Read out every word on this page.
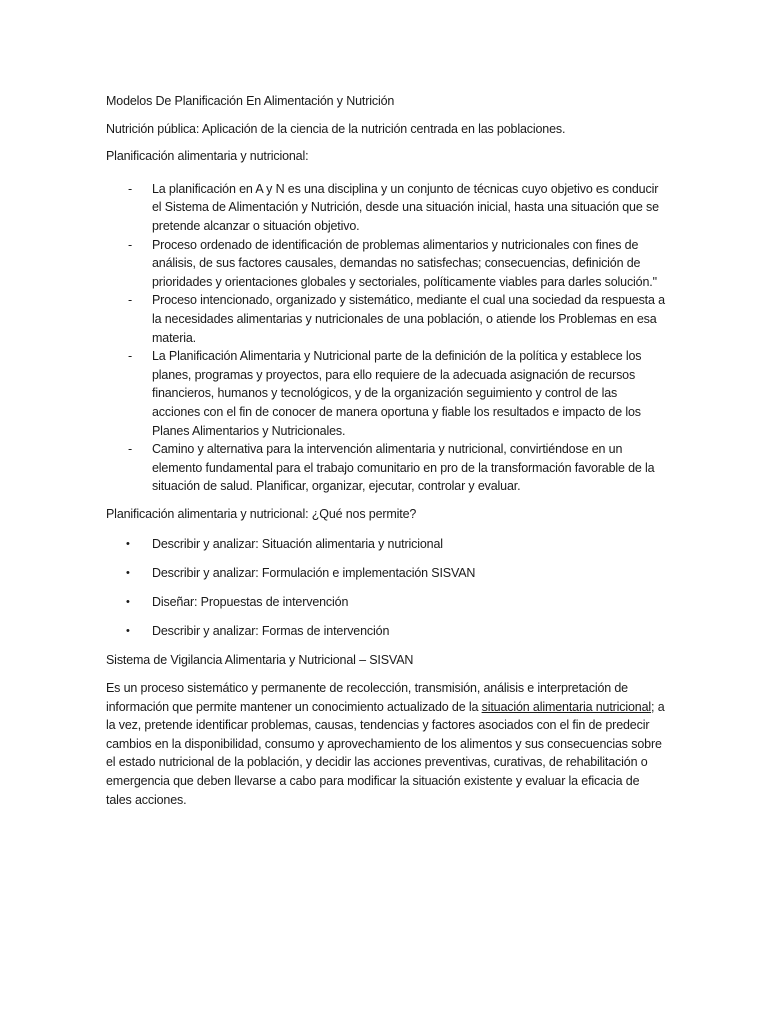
Modelos De Planificación En Alimentación y Nutrición

Nutrición pública: Aplicación de la ciencia de la nutrición centrada en las poblaciones.

Planificación alimentaria y nutricional:

- La planificación en A y N es una disciplina y un conjunto de técnicas cuyo objetivo es conducir el Sistema de Alimentación y Nutrición, desde una situación inicial, hasta una situación que se pretende alcanzar o situación objetivo.
- Proceso ordenado de identificación de problemas alimentarios y nutricionales con fines de análisis, de sus factores causales, demandas no satisfechas; consecuencias, definición de prioridades y orientaciones globales y sectoriales, políticamente viables para darles solución."
- Proceso intencionado, organizado y sistemático, mediante el cual una sociedad da respuesta a la necesidades alimentarias y nutricionales de una población, o atiende los Problemas en esa materia.
- La Planificación Alimentaria y Nutricional parte de la definición de la política y establece los planes, programas y proyectos, para ello requiere de la adecuada asignación de recursos financieros, humanos y tecnológicos, y de la organización seguimiento y control de las acciones con el fin de conocer de manera oportuna y fiable los resultados e impacto de los Planes Alimentarios y Nutricionales.
- Camino y alternativa para la intervención alimentaria y nutricional, convirtiéndose en un elemento fundamental para el trabajo comunitario en pro de la transformación favorable de la situación de salud. Planificar, organizar, ejecutar, controlar y evaluar.

Planificación alimentaria y nutricional: ¿Qué nos permite?

• Describir y analizar: Situación alimentaria y nutricional
• Describir y analizar: Formulación e implementación SISVAN
• Diseñar: Propuestas de intervención
• Describir y analizar: Formas de intervención

Sistema de Vigilancia Alimentaria y Nutricional – SISVAN

Es un proceso sistemático y permanente de recolección, transmisión, análisis e interpretación de información que permite mantener un conocimiento actualizado de la situación alimentaria nutricional; a la vez, pretende identificar problemas, causas, tendencias y factores asociados con el fin de predecir cambios en la disponibilidad, consumo y aprovechamiento de los alimentos y sus consecuencias sobre el estado nutricional de la población, y decidir las acciones preventivas, curativas, de rehabilitación o emergencia que deben llevarse a cabo para modificar la situación existente y evaluar la eficacia de tales acciones.
